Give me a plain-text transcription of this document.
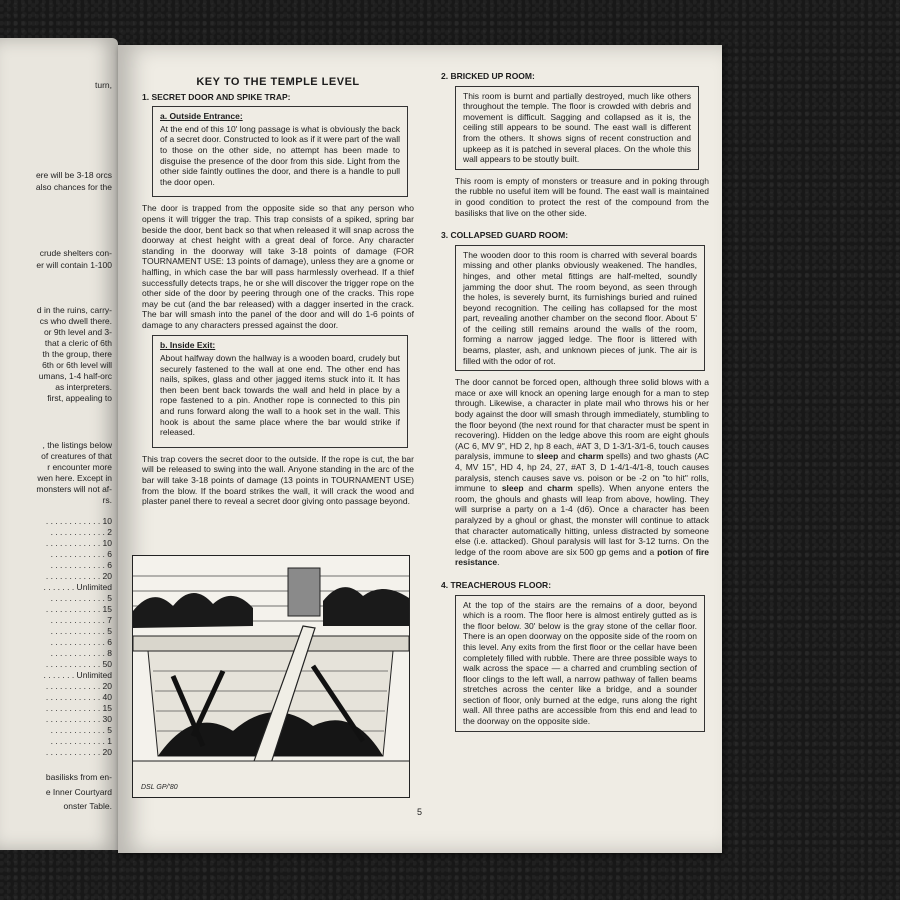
turn,
ere will be 3-18 orcs
also chances for the
crude shelters con-
er will contain 1-100
d in the ruins, carry-
cs who dwell there.
or 9th level and 3-
that a cleric of 6th
th the group, there
6th or 6th level will
umans, 1-4 half-orc
as interpreters.
first, appealing to
, the listings below
of creatures of that
r encounter more
wen here. Except in
monsters will not af-
rs.
. . . . . . . . . . . . 10
. . . . . . . . . . . . 2
. . . . . . . . . . . . 10
. . . . . . . . . . . . 6
. . . . . . . . . . . . 6
. . . . . . . . . . . . 20
. . . . . . . Unlimited
. . . . . . . . . . . . 5
. . . . . . . . . . . . 15
. . . . . . . . . . . . 7
. . . . . . . . . . . . 5
. . . . . . . . . . . . 6
. . . . . . . . . . . . 8
. . . . . . . . . . . . 50
. . . . . . . Unlimited
. . . . . . . . . . . . 20
. . . . . . . . . . . . 40
. . . . . . . . . . . . 15
. . . . . . . . . . . . 30
. . . . . . . . . . . . 5
. . . . . . . . . . . . 1
. . . . . . . . . . . . 20
basilisks from en-
e Inner Courtyard
onster Table.
KEY TO THE TEMPLE LEVEL
1. SECRET DOOR AND SPIKE TRAP:
a. Outside Entrance:

At the end of this 10' long passage is what is obviously the back of a secret door. Constructed to look as if it were part of the wall to those on the other side, no attempt has been made to disguise the presence of the door from this side. Light from the other side faintly outlines the door, and there is a handle to pull the door open.

The door is trapped from the opposite side so that any person who opens it will trigger the trap. This trap consists of a spiked, spring bar beside the door, bent back so that when released it will snap across the doorway at chest height with a great deal of force. Any character standing in the doorway will take 3-18 points of damage (FOR TOURNAMENT USE: 13 points of damage), unless they are a gnome or halfling, in which case the bar will pass harmlessly overhead. If a thief successfully detects traps, he or she will discover the trigger rope on the other side of the door by peering through one of the cracks. This rope may be cut (and the bar released) with a dagger inserted in the crack. The bar will smash into the panel of the door and will do 1-6 points of damage to any characters pressed against the door.

b. Inside Exit:

About halfway down the hallway is a wooden board, crudely but securely fastened to the wall at one end. The other end has nails, spikes, glass and other jagged items stuck into it. It has then been bent back towards the wall and held in place by a rope fastened to a pin. Another rope is connected to this pin and runs forward along the wall to a hook set in the wall. This hook is about the same place where the bar would strike if released.

This trap covers the secret door to the outside. If the rope is cut, the bar will be released to swing into the wall. Anyone standing in the arc of the bar will take 3-18 points of damage (13 points in TOURNAMENT USE) from the blow. If the board strikes the wall, it will crack the wood and plaster panel there to reveal a secret door giving onto passage beyond.

DSL GP/'80
2. BRICKED UP ROOM:

This room is burnt and partially destroyed, much like others throughout the temple. The floor is crowded with debris and movement is difficult. Sagging and collapsed as it is, the ceiling still appears to be sound. The east wall is different from the others. It shows signs of recent construction and upkeep as it is patched in several places. On the whole this wall appears to be stoutly built.

This room is empty of monsters or treasure and in poking through the rubble no useful item will be found. The east wall is maintained in good condition to protect the rest of the compound from the basilisks that live on the other side.

3. COLLAPSED GUARD ROOM:

The wooden door to this room is charred with several boards missing and other planks obviously weakened. The handles, hinges, and other metal fittings are half-melted, soundly jamming the door shut. The room beyond, as seen through the holes, is severely burnt, its furnishings buried and ruined beyond recognition. The ceiling has collapsed for the most part, revealing another chamber on the second floor. About 5' of the ceiling still remains around the walls of the room, forming a narrow jagged ledge. The floor is littered with beams, plaster, ash, and unknown pieces of junk. The air is filled with the odor of rot.

The door cannot be forced open, although three solid blows with a mace or axe will knock an opening large enough for a man to step through. Likewise, a character in plate mail who throws his or her body against the door will smash through immediately, stumbling to the floor beyond (the next round for that character must be spent in recovering). Hidden on the ledge above this room are eight ghouls (AC 6, MV 9", HD 2, hp 8 each, #AT 3, D 1-3/1-3/1-6, touch causes paralysis, immune to sleep and charm spells) and two ghasts (AC 4, MV 15", HD 4, hp 24, 27, #AT 3, D 1-4/1-4/1-8, touch causes paralysis, stench causes save vs. poison or be -2 on "to hit" rolls, immune to sleep and charm spells). When anyone enters the room, the ghouls and ghasts will leap from above, howling. They will surprise a party on a 1-4 (d6). Once a character has been paralyzed by a ghoul or ghast, the monster will continue to attack that character automatically hitting, unless distracted by someone else (i.e. attacked). Ghoul paralysis will last for 3-12 turns. On the ledge of the room above are six 500 gp gems and a potion of fire resistance.

4. TREACHEROUS FLOOR:

At the top of the stairs are the remains of a door, beyond which is a room. The floor here is almost entirely gutted as is the floor below. 30' below is the gray stone of the cellar floor. There is an open doorway on the opposite side of the room on this level. Any exits from the first floor or the cellar have been completely filled with rubble. There are three possible ways to walk across the space — a charred and crumbling section of floor clings to the left wall, a narrow pathway of fallen beams stretches across the center like a bridge, and a sounder section of floor, only burned at the edge, runs along the right wall. All three paths are accessible from this end and lead to the doorway on the opposite side.

5
